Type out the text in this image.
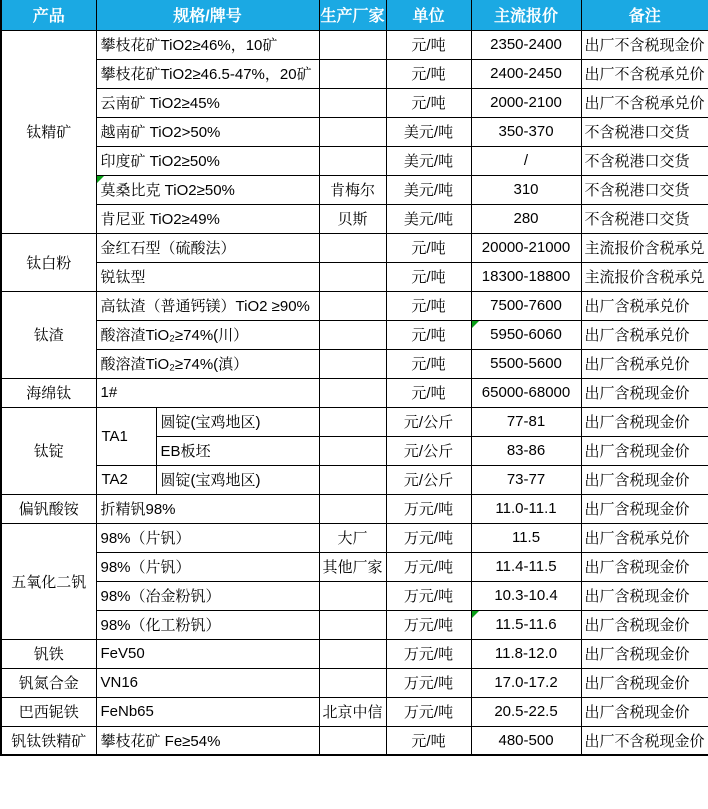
产品	规格/牌号		生产厂家	单位	主流报价	备注
钛精矿	攀枝花矿TiO2≥46%，10矿			元/吨	2350-2400	出厂不含税现金价
	攀枝花矿TiO2≥46.5-47%，20矿			元/吨	2400-2450	出厂不含税承兑价
	云南矿 TiO2≥45%			元/吨	2000-2100	出厂不含税承兑价
	越南矿 TiO2>50%			美元/吨	350-370	不含税港口交货
	印度矿 TiO2≥50%			美元/吨	/	不含税港口交货
	莫桑比克 TiO2≥50%		肯梅尔	美元/吨	310	不含税港口交货
	肯尼亚 TiO2≥49%		贝斯	美元/吨	280	不含税港口交货
钛白粉	金红石型（硫酸法）			元/吨	20000-21000	主流报价含税承兑
	锐钛型			元/吨	18300-18800	主流报价含税承兑
钛渣	高钛渣（普通钙镁）TiO2 ≥90%			元/吨	7500-7600	出厂含税承兑价
	酸溶渣TiO₂≥74%(川）			元/吨	5950-6060	出厂含税承兑价
	酸溶渣TiO₂≥74%(滇）			元/吨	5500-5600	出厂含税承兑价
海绵钛	1#			元/吨	65000-68000	出厂含税现金价
钛锭	TA1	圆锭(宝鸡地区)		元/公斤	77-81	出厂含税现金价
		EB板坯		元/公斤	83-86	出厂含税现金价
	TA2	圆锭(宝鸡地区)		元/公斤	73-77	出厂含税现金价
偏钒酸铵	折精钒98%			万元/吨	11.0-11.1	出厂含税现金价
五氧化二钒	98%（片钒）		大厂	万元/吨	11.5	出厂含税承兑价
	98%（片钒）		其他厂家	万元/吨	11.4-11.5	出厂含税现金价
	98%（冶金粉钒）			万元/吨	10.3-10.4	出厂含税现金价
	98%（化工粉钒）			万元/吨	11.5-11.6	出厂含税现金价
钒铁	FeV50			万元/吨	11.8-12.0	出厂含税现金价
钒氮合金	VN16			万元/吨	17.0-17.2	出厂含税现金价
巴西铌铁	FeNb65		北京中信	万元/吨	20.5-22.5	出厂含税现金价
钒钛铁精矿	攀枝花矿 Fe≥54%			元/吨	480-500	出厂不含税现金价
